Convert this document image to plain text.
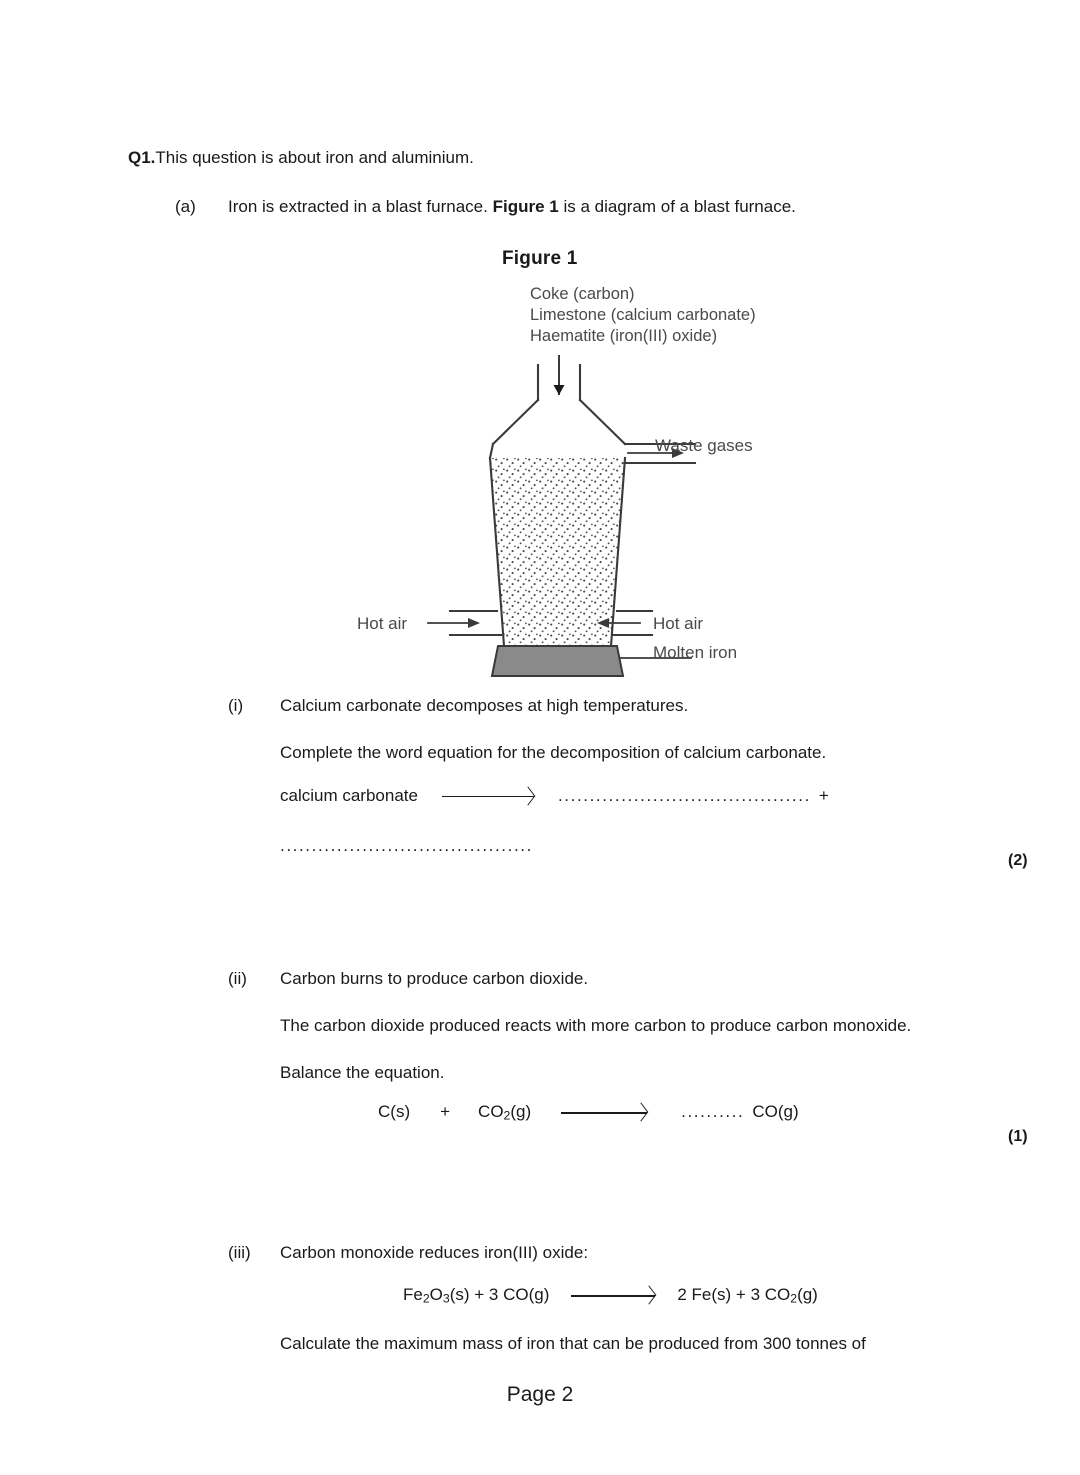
Q1.This question is about iron and aluminium.
(a) Iron is extracted in a blast furnace. Figure 1 is a diagram of a blast furnace.
Figure 1
Coke (carbon)
Limestone (calcium carbonate)
Haematite (iron(III) oxide)
Waste gases
Hot air	Hot air
Molten iron
(i) Calcium carbonate decomposes at high temperatures.
Complete the word equation for the decomposition of calcium carbonate.
calcium carbonate	........................................ +
........................................
(2)
(ii) Carbon burns to produce carbon dioxide.
The carbon dioxide produced reacts with more carbon to produce carbon monoxide.
Balance the equation.
$C(s) + CO_2(g)$	.......... CO(g)
(1)
(iii) Carbon monoxide reduces iron(III) oxide:
$Fe_2O_3(s) + 3$ CO(g)	2 Fe(s) + 3 $CO_2(g)$
Calculate the maximum mass of iron that can be produced from 300 tonnes of
Page 2
